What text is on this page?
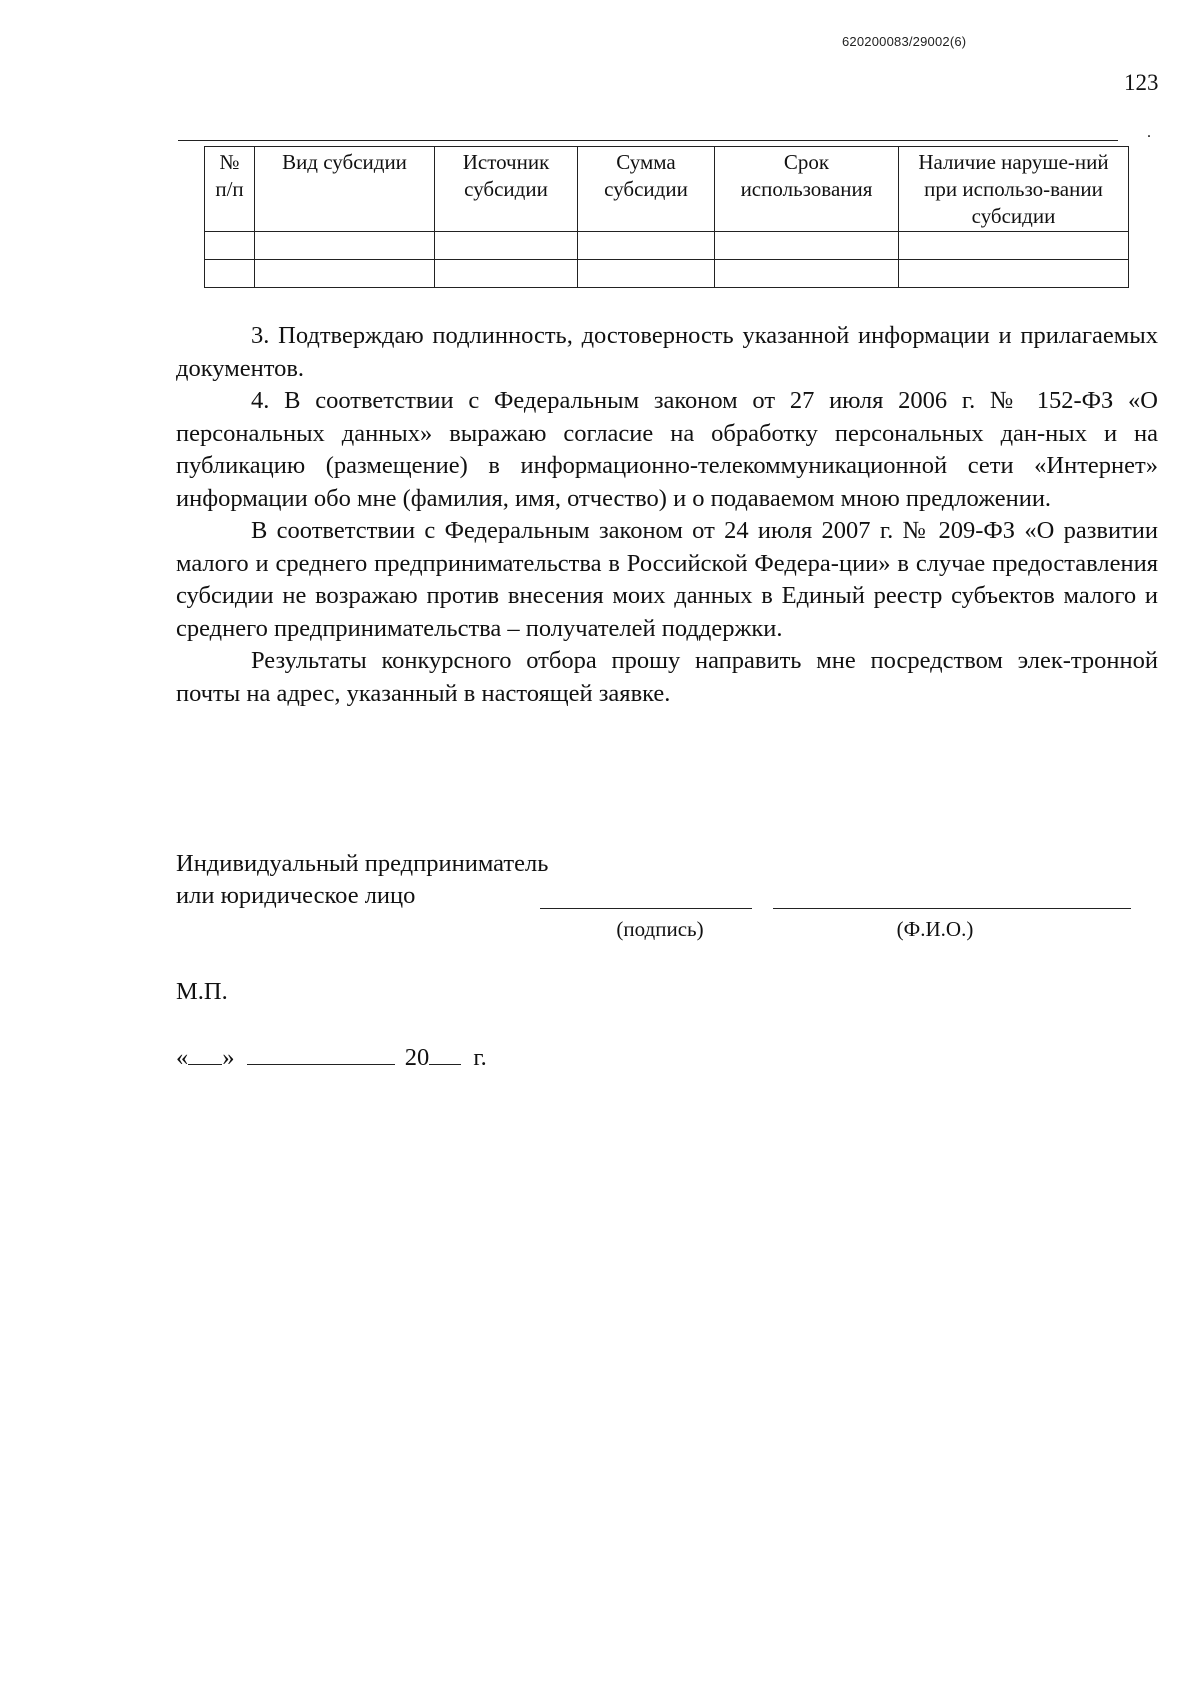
620200083/29002(6)
123
.
№ п/п	Вид субсидии	Источник субсидии	Сумма субсидии	Срок использования	Наличие наруше-ний при использо-вании субсидии

3. Подтверждаю подлинность, достоверность указанной информации и прилагаемых документов.

4. В соответствии с Федеральным законом от 27 июля 2006 г. № 152-ФЗ «О персональных данных» выражаю согласие на обработку персональных дан-ных и на публикацию (размещение) в информационно-телекоммуникационной сети «Интернет» информации обо мне (фамилия, имя, отчество) и о подаваемом мною предложении.

В соответствии с Федеральным законом от 24 июля 2007 г. № 209-ФЗ «О развитии малого и среднего предпринимательства в Российской Федера-ции» в случае предоставления субсидии не возражаю против внесения моих данных в Единый реестр субъектов малого и среднего предпринимательства – получателей поддержки.

Результаты конкурсного отбора прошу направить мне посредством элек-тронной почты на адрес, указанный в настоящей заявке.

Индивидуальный предприниматель
или юридическое лицо
(подпись)	(Ф.И.О.)
М.П.
« »	20 г.
